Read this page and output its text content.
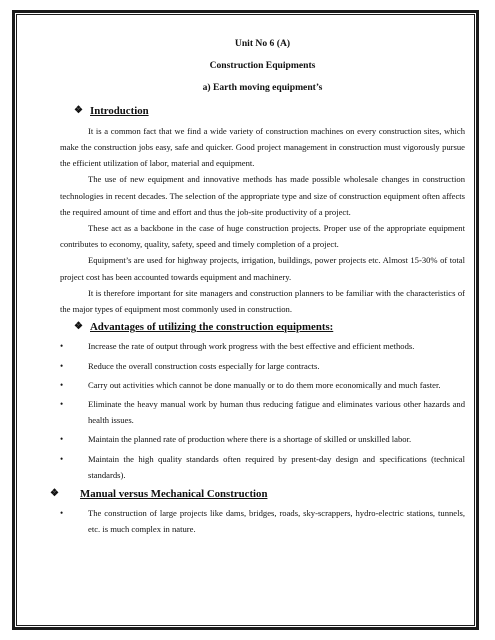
Unit No 6 (A)
Construction Equipments
a) Earth moving equipment’s
❖ Introduction

It is a common fact that we find a wide variety of construction machines on every construction sites, which make the construction jobs easy, safe and quicker. Good project management in construction must vigorously pursue the efficient utilization of labor, material and equipment.

The use of new equipment and innovative methods has made possible wholesale changes in construction technologies in recent decades. The selection of the appropriate type and size of construction equipment often affects the required amount of time and effort and thus the job-site productivity of a project.

These act as a backbone in the case of huge construction projects. Proper use of the appropriate equipment contributes to economy, quality, safety, speed and timely completion of a project.

Equipment’s are used for highway projects, irrigation, buildings, power projects etc. Almost 15-30% of total project cost has been accounted towards equipment and machinery.

It is therefore important for site managers and construction planners to be familiar with the characteristics of the major types of equipment most commonly used in construction.

❖ Advantages of utilizing the construction equipments:
•	Increase the rate of output through work progress with the best effective and efficient methods.
•	Reduce the overall construction costs especially for large contracts.
•	Carry out activities which cannot be done manually or to do them more economically and much faster.
•	Eliminate the heavy manual work by human thus reducing fatigue and eliminates various other hazards and health issues.
•	Maintain the planned rate of production where there is a shortage of skilled or unskilled labor.
•	Maintain the high quality standards often required by present-day design and specifications (technical standards).
❖	Manual versus Mechanical Construction
•	The construction of large projects like dams, bridges, roads, sky-scrappers, hydro-electric stations, tunnels, etc. is much complex in nature.
